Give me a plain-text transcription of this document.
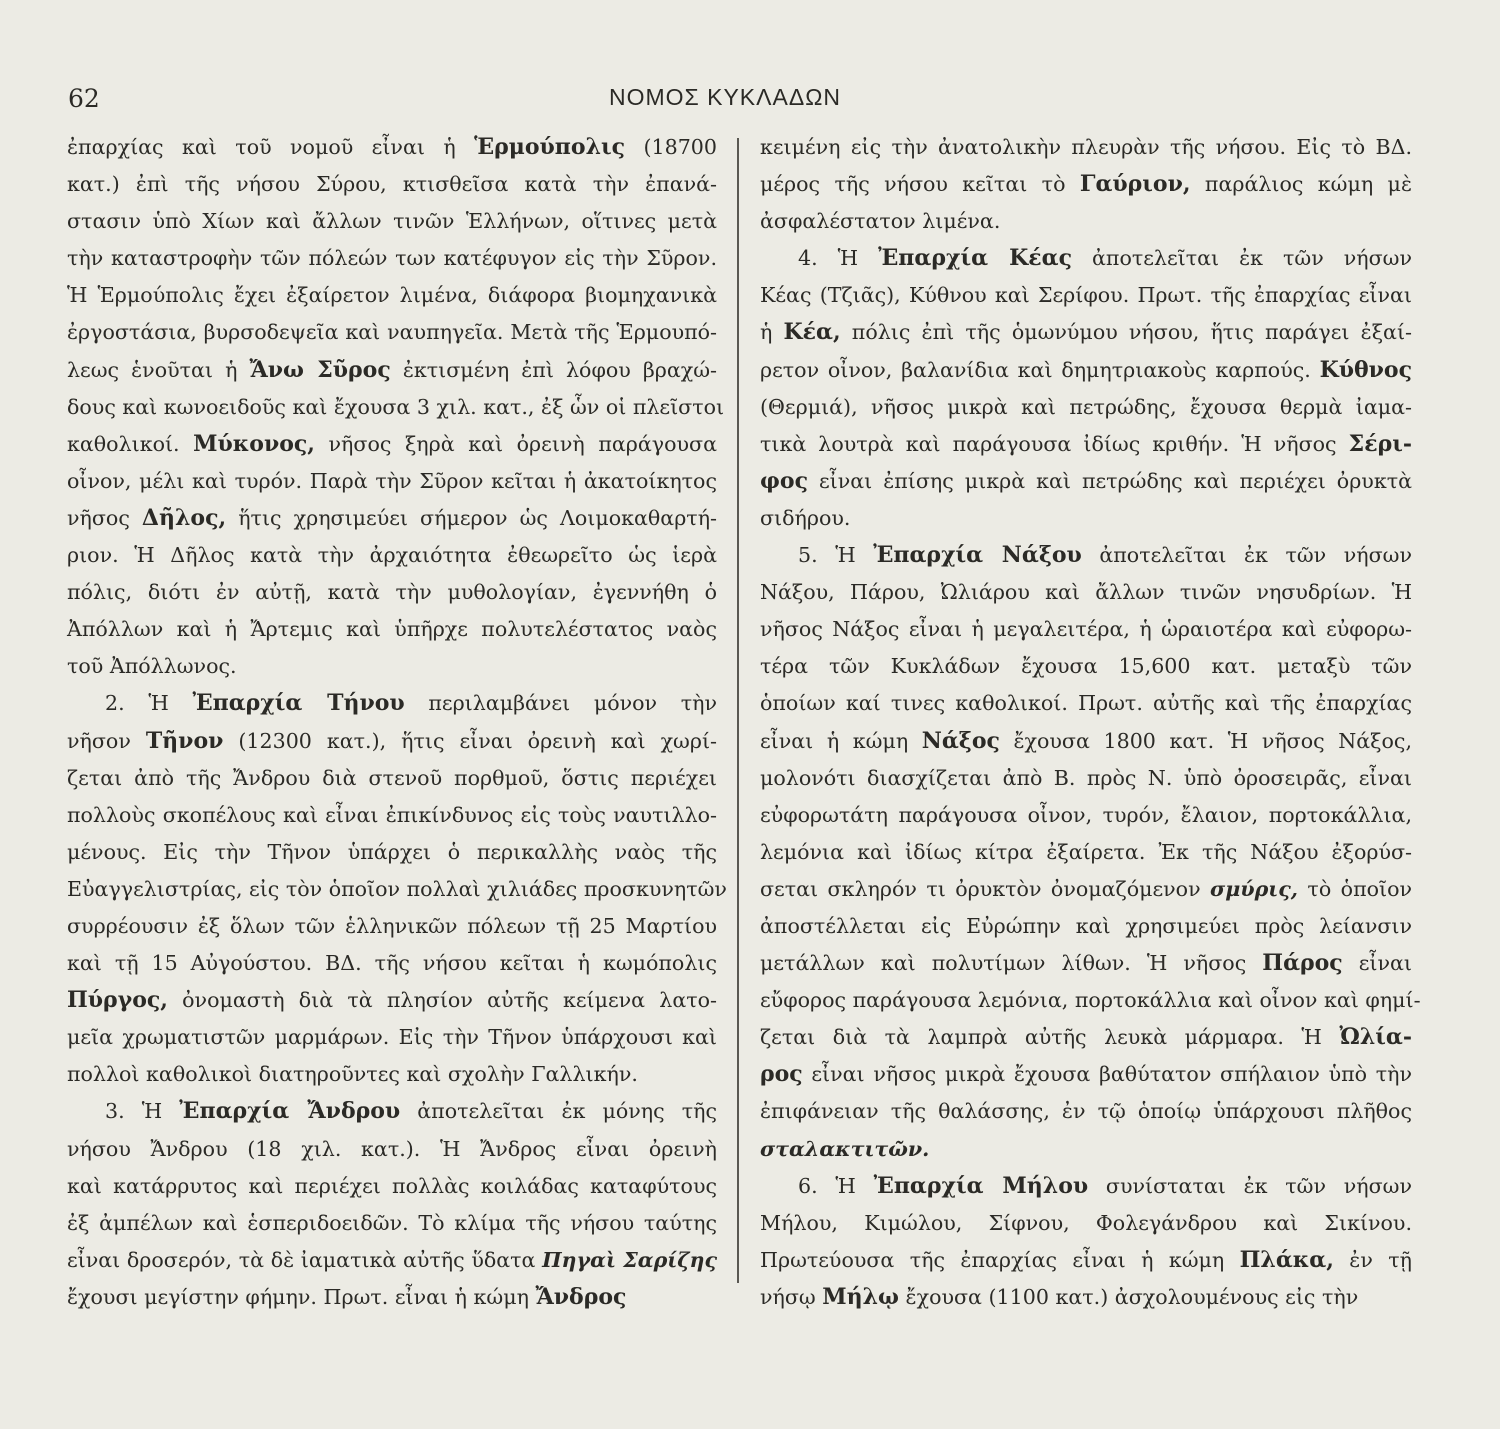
62	ΝΟΜΟΣ ΚΥΚΛΑΔΩΝ
ἐπαρχίας καὶ τοῦ νομοῦ εἶναι ἡ Ἑρμούπολις (18700
κατ.) ἐπὶ τῆς νήσου Σύρου, κτισθεῖσα κατὰ τὴν ἐπανά-
στασιν ὑπὸ Χίων καὶ ἄλλων τινῶν Ἑλλήνων, οἵτινες μετὰ
τὴν καταστροφὴν τῶν πόλεών των κατέφυγον εἰς τὴν Σῦρον.
Ἡ Ἑρμούπολις ἔχει ἐξαίρετον λιμένα, διάφορα βιομηχανικὰ
ἐργοστάσια, βυρσοδεψεῖα καὶ ναυπηγεῖα. Μετὰ τῆς Ἑρμουπό-
λεως ἑνοῦται ἡ Ἄνω Σῦρος ἐκτισμένη ἐπὶ λόφου βραχώ-
δους καὶ κωνοειδοῦς καὶ ἔχουσα 3 χιλ. κατ., ἐξ ὧν οἱ πλεῖστοι
καθολικοί. Μύκονος, νῆσος ξηρὰ καὶ ὀρεινὴ παράγουσα
οἶνον, μέλι καὶ τυρόν. Παρὰ τὴν Σῦρον κεῖται ἡ ἀκατοίκητος
νῆσος Δῆλος, ἥτις χρησιμεύει σήμερον ὡς Λοιμοκαθαρτή-
ριον. Ἡ Δῆλος κατὰ τὴν ἀρχαιότητα ἐθεωρεῖτο ὡς ἱερὰ
πόλις, διότι ἐν αὐτῇ, κατὰ τὴν μυθολογίαν, ἐγεννήθη ὁ
Ἀπόλλων καὶ ἡ Ἄρτεμις καὶ ὑπῆρχε πολυτελέστατος ναὸς
τοῦ Ἀπόλλωνος.
2. Ἡ Ἐπαρχία Τήνου περιλαμβάνει μόνον τὴν
νῆσον Τῆνον (12300 κατ.), ἥτις εἶναι ὀρεινὴ καὶ χωρί-
ζεται ἀπὸ τῆς Ἄνδρου διὰ στενοῦ πορθμοῦ, ὅστις περιέχει
πολλοὺς σκοπέλους καὶ εἶναι ἐπικίνδυνος εἰς τοὺς ναυτιλλο-
μένους. Εἰς τὴν Τῆνον ὑπάρχει ὁ περικαλλὴς ναὸς τῆς
Εὐαγγελιστρίας, εἰς τὸν ὁποῖον πολλαὶ χιλιάδες προσκυνητῶν
συρρέουσιν ἐξ ὅλων τῶν ἑλληνικῶν πόλεων τῇ 25 Μαρτίου
καὶ τῇ 15 Αὐγούστου. ΒΔ. τῆς νήσου κεῖται ἡ κωμόπολις
Πύργος, ὀνομαστὴ διὰ τὰ πλησίον αὐτῆς κείμενα λατο-
μεῖα χρωματιστῶν μαρμάρων. Εἰς τὴν Τῆνον ὑπάρχουσι καὶ
πολλοὶ καθολικοὶ διατηροῦντες καὶ σχολὴν Γαλλικήν.
3. Ἡ Ἐπαρχία Ἄνδρου ἀποτελεῖται ἐκ μόνης τῆς
νήσου Ἄνδρου (18 χιλ. κατ.). Ἡ Ἄνδρος εἶναι ὀρεινὴ
καὶ κατάρρυτος καὶ περιέχει πολλὰς κοιλάδας καταφύτους
ἐξ ἀμπέλων καὶ ἑσπεριδοειδῶν. Τὸ κλίμα τῆς νήσου ταύτης
εἶναι δροσερόν, τὰ δὲ ἰαματικὰ αὐτῆς ὕδατα Πηγαὶ Σαρίζης
ἔχουσι μεγίστην φήμην. Πρωτ. εἶναι ἡ κώμη Ἄνδρος
κειμένη εἰς τὴν ἀνατολικὴν πλευρὰν τῆς νήσου. Εἰς τὸ ΒΔ.
μέρος τῆς νήσου κεῖται τὸ Γαύριον, παράλιος κώμη μὲ
ἀσφαλέστατον λιμένα.
4. Ἡ Ἐπαρχία Κέας ἀποτελεῖται ἐκ τῶν νήσων
Κέας (Τζιᾶς), Κύθνου καὶ Σερίφου. Πρωτ. τῆς ἐπαρχίας εἶναι
ἡ Κέα, πόλις ἐπὶ τῆς ὁμωνύμου νήσου, ἥτις παράγει ἐξαί-
ρετον οἶνον, βαλανίδια καὶ δημητριακοὺς καρπούς. Κύθνος
(Θερμιά), νῆσος μικρὰ καὶ πετρώδης, ἔχουσα θερμὰ ἰαμα-
τικὰ λουτρὰ καὶ παράγουσα ἰδίως κριθήν. Ἡ νῆσος Σέρι-
φος εἶναι ἐπίσης μικρὰ καὶ πετρώδης καὶ περιέχει ὀρυκτὰ
σιδήρου.
5. Ἡ Ἐπαρχία Νάξου ἀποτελεῖται ἐκ τῶν νήσων
Νάξου, Πάρου, Ὠλιάρου καὶ ἄλλων τινῶν νησυδρίων. Ἡ
νῆσος Νάξος εἶναι ἡ μεγαλειτέρα, ἡ ὡραιοτέρα καὶ εὐφορω-
τέρα τῶν Κυκλάδων ἔχουσα 15,600 κατ. μεταξὺ τῶν
ὁποίων καί τινες καθολικοί. Πρωτ. αὐτῆς καὶ τῆς ἐπαρχίας
εἶναι ἡ κώμη Νάξος ἔχουσα 1800 κατ. Ἡ νῆσος Νάξος,
μολονότι διασχίζεται ἀπὸ Β. πρὸς Ν. ὑπὸ ὀροσειρᾶς, εἶναι
εὐφορωτάτη παράγουσα οἶνον, τυρόν, ἔλαιον, πορτοκάλλια,
λεμόνια καὶ ἰδίως κίτρα ἐξαίρετα. Ἐκ τῆς Νάξου ἐξορύσ-
σεται σκληρόν τι ὀρυκτὸν ὀνομαζόμενον σμύρις, τὸ ὁποῖον
ἀποστέλλεται εἰς Εὐρώπην καὶ χρησιμεύει πρὸς λείανσιν
μετάλλων καὶ πολυτίμων λίθων. Ἡ νῆσος Πάρος εἶναι
εὔφορος παράγουσα λεμόνια, πορτοκάλλια καὶ οἶνον καὶ φημί-
ζεται διὰ τὰ λαμπρὰ αὐτῆς λευκὰ μάρμαρα. Ἡ Ὠλία-
ρος εἶναι νῆσος μικρὰ ἔχουσα βαθύτατον σπήλαιον ὑπὸ τὴν
ἐπιφάνειαν τῆς θαλάσσης, ἐν τῷ ὁποίῳ ὑπάρχουσι πλῆθος
σταλακτιτῶν.
6. Ἡ Ἐπαρχία Μήλου συνίσταται ἐκ τῶν νήσων
Μήλου, Κιμώλου, Σίφνου, Φολεγάνδρου καὶ Σικίνου.
Πρωτεύουσα τῆς ἐπαρχίας εἶναι ἡ κώμη Πλάκα, ἐν τῇ
νήσῳ Μήλῳ ἔχουσα (1100 κατ.) ἀσχολουμένους εἰς τὴν
